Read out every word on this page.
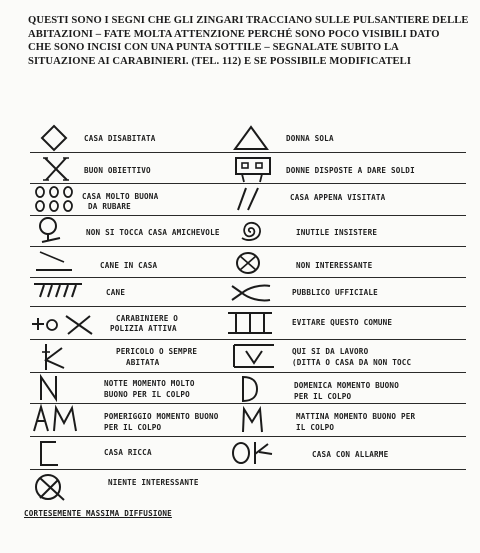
QUESTI SONO I SEGNI CHE GLI ZINGARI TRACCIANO SULLE PULSANTIERE DELLE
ABITAZIONI – FATE MOLTA ATTENZIONE PERCHÉ SONO POCO VISIBILI DATO
CHE SONO INCISI CON UNA PUNTA SOTTILE – SEGNALATE SUBITO LA
SITUAZIONE AI CARABINIERI. (TEL. 112) E SE POSSIBILE MODIFICATELI
CASA DISABITATA
BUON OBIETTIVO
CASA MOLTO BUONA
DA RUBARE
NON SI TOCCA CASA AMICHEVOLE
CANE IN CASA
CANE
CARABINIERE O
POLIZIA ATTIVA
PERICOLO O SEMPRE
ABITATA
NOTTE MOMENTO MOLTO
BUONO PER IL COLPO
POMERIGGIO MOMENTO BUONO
PER IL COLPO
CASA RICCA
NIENTE INTERESSANTE
DONNA SOLA
DONNE DISPOSTE A DARE SOLDI
CASA APPENA VISITATA
INUTILE INSISTERE
NON INTERESSANTE
PUBBLICO UFFICIALE
EVITARE QUESTO COMUNE
QUI SI DA LAVORO
(DITTA O CASA DA NON TOCC
DOMENICA MOMENTO BUONO
PER IL COLPO
MATTINA MOMENTO BUONO PER
IL COLPO
CASA CON ALLARME
CORTESEMENTE MASSIMA DIFFUSIONE
